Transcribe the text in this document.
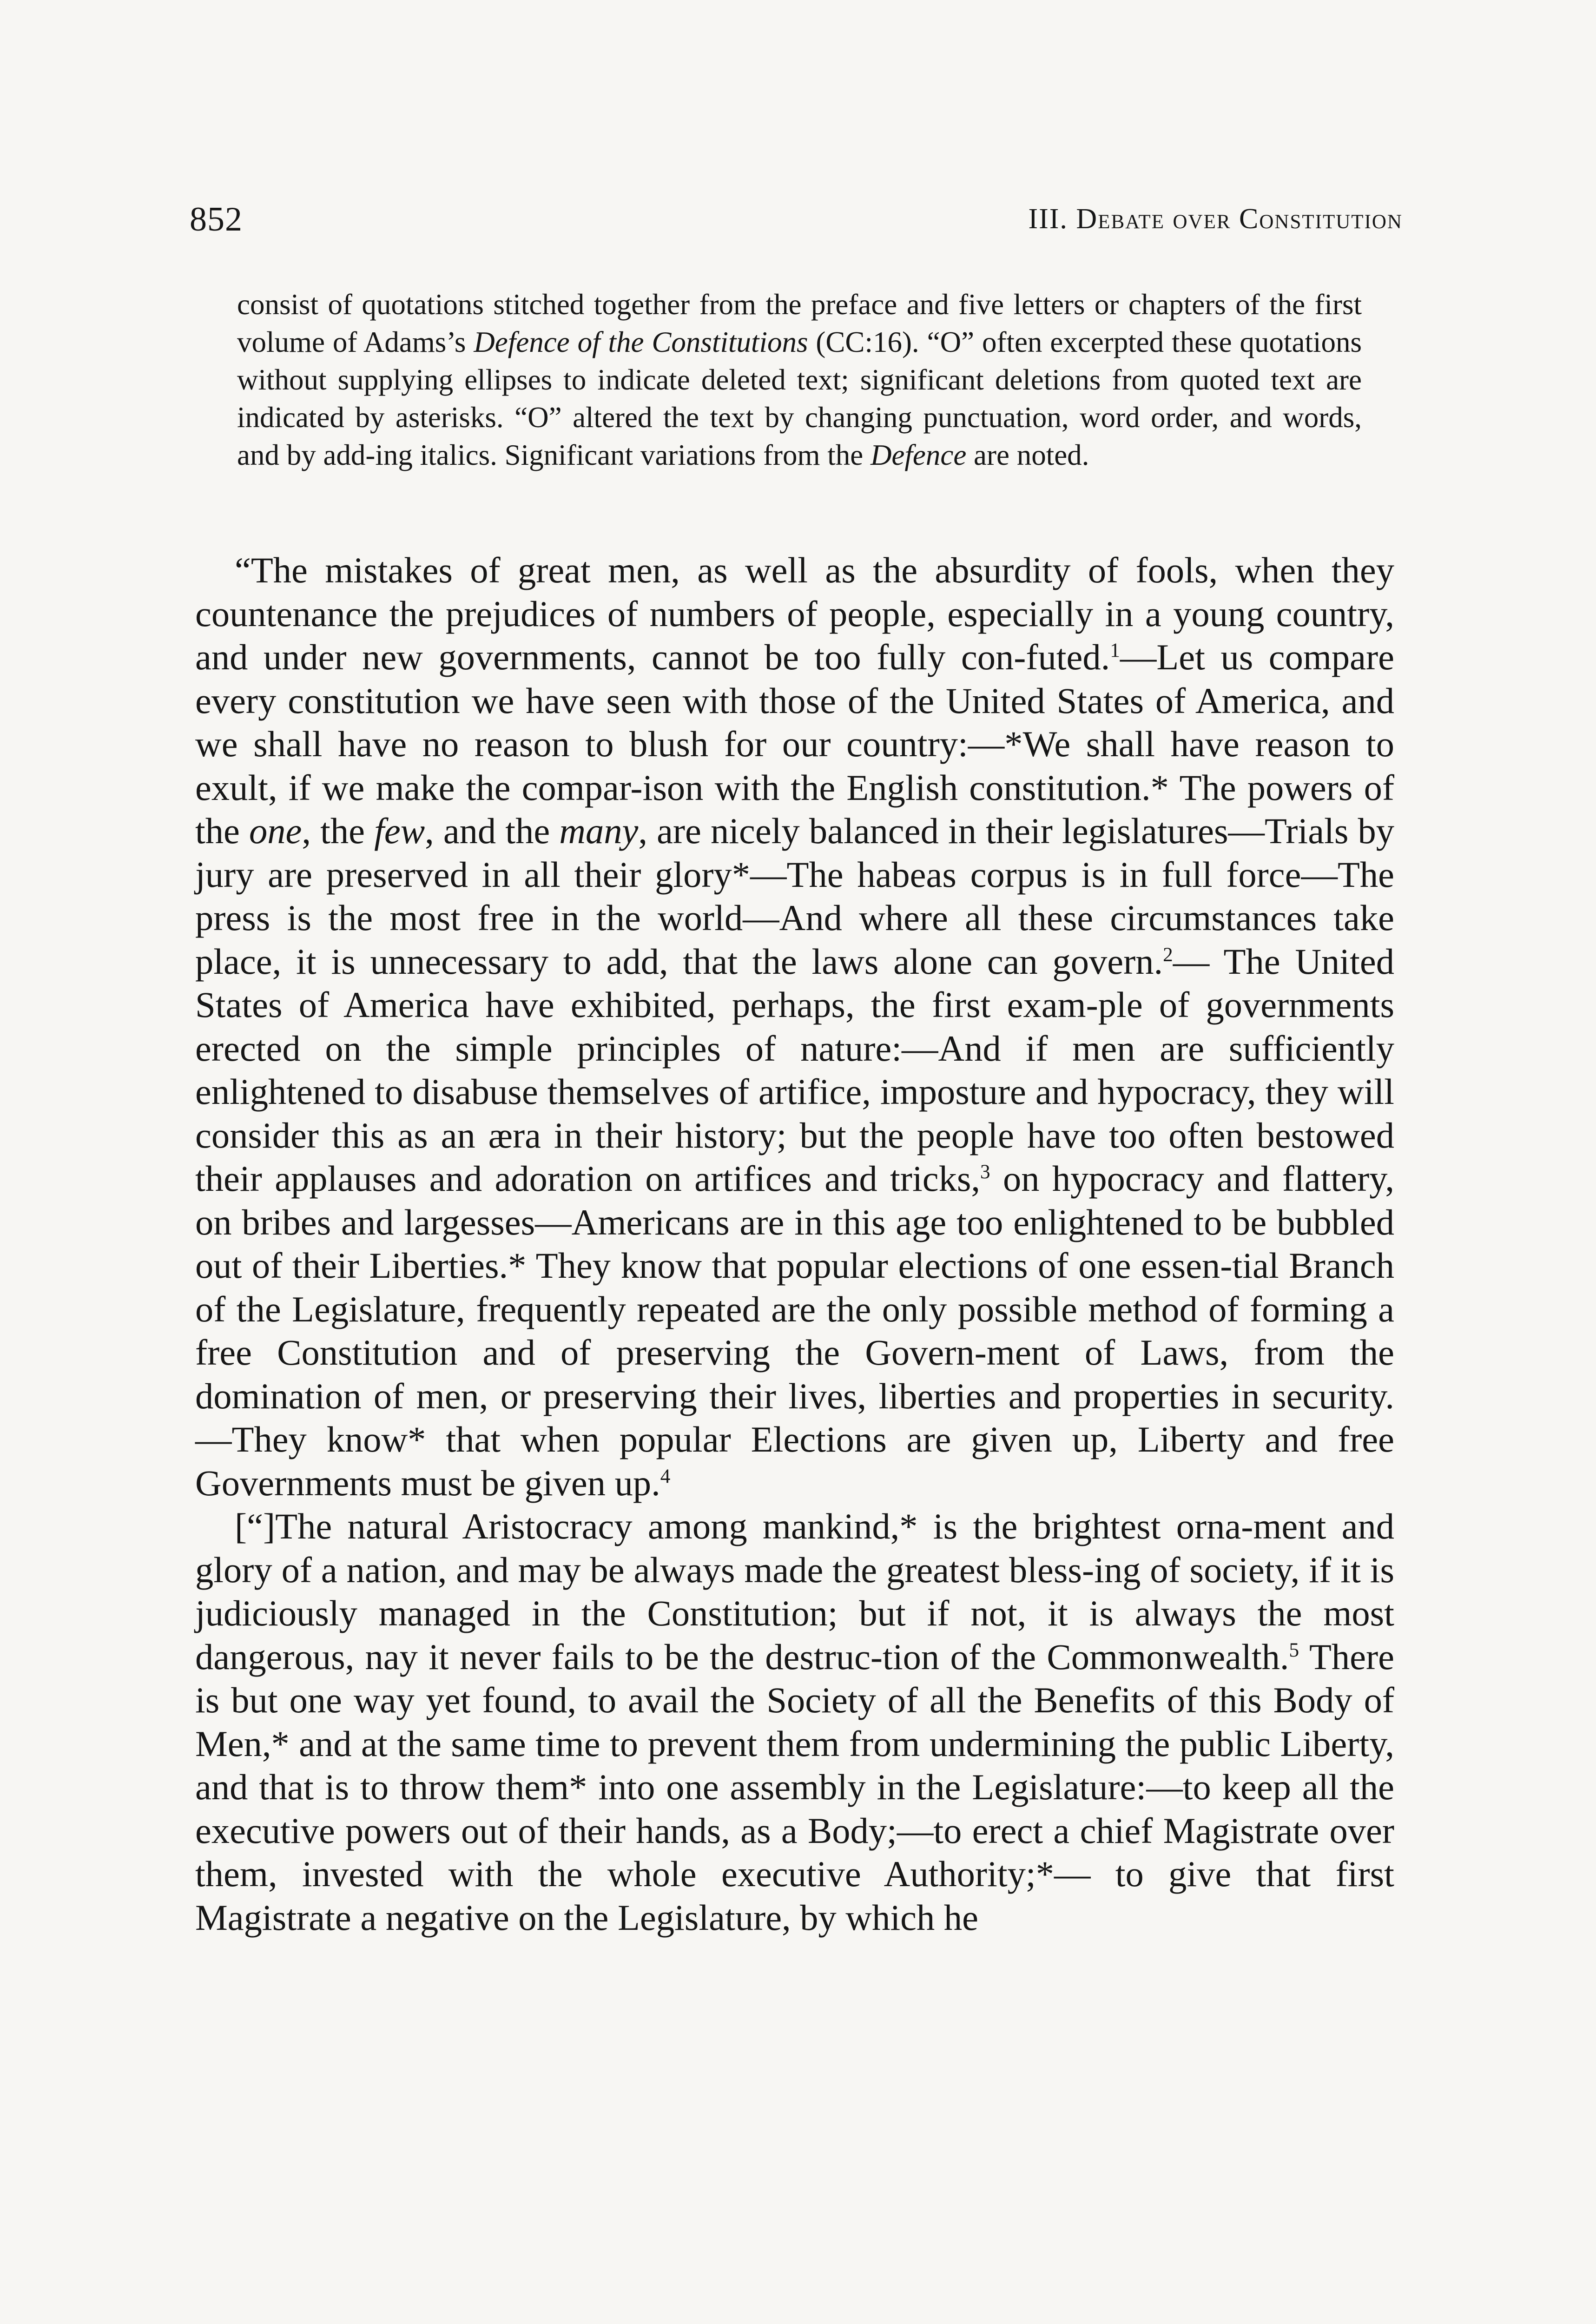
852	III. Debate over Constitution

consist of quotations stitched together from the preface and five letters or chapters of the first volume of Adams’s Defence of the Constitutions (CC:16). “O” often excerpted these quotations without supplying ellipses to indicate deleted text; significant deletions from quoted text are indicated by asterisks. “O” altered the text by changing punctuation, word order, and words, and by add-ing italics. Significant variations from the Defence are noted.

“The mistakes of great men, as well as the absurdity of fools, when they countenance the prejudices of numbers of people, especially in a young country, and under new governments, cannot be too fully con-futed.$^1$—Let us compare every constitution we have seen with those of the United States of America, and we shall have no reason to blush for our country:—*We shall have reason to exult, if we make the compar-ison with the English constitution.* The powers of the one, the few, and the many, are nicely balanced in their legislatures—Trials by jury are preserved in all their glory*—The habeas corpus is in full force—The press is the most free in the world—And where all these circumstances take place, it is unnecessary to add, that the laws alone can govern.$^2$— The United States of America have exhibited, perhaps, the first exam-ple of governments erected on the simple principles of nature:—And if men are sufficiently enlightened to disabuse themselves of artifice, imposture and hypocracy, they will consider this as an æra in their history; but the people have too often bestowed their applauses and adoration on artifices and tricks,$^3$ on hypocracy and flattery, on bribes and largesses—Americans are in this age too enlightened to be bubbled out of their Liberties.* They know that popular elections of one essen-tial Branch of the Legislature, frequently repeated are the only possible method of forming a free Constitution and of preserving the Govern-ment of Laws, from the domination of men, or preserving their lives, liberties and properties in security.—They know* that when popular Elections are given up, Liberty and free Governments must be given up.$^4$

[“]The natural Aristocracy among mankind,* is the brightest orna-ment and glory of a nation, and may be always made the greatest bless-ing of society, if it is judiciously managed in the Constitution; but if not, it is always the most dangerous, nay it never fails to be the destruc-tion of the Commonwealth.$^5$ There is but one way yet found, to avail the Society of all the Benefits of this Body of Men,* and at the same time to prevent them from undermining the public Liberty, and that is to throw them* into one assembly in the Legislature:—to keep all the executive powers out of their hands, as a Body;—to erect a chief Magistrate over them, invested with the whole executive Authority;*— to give that first Magistrate a negative on the Legislature, by which he
